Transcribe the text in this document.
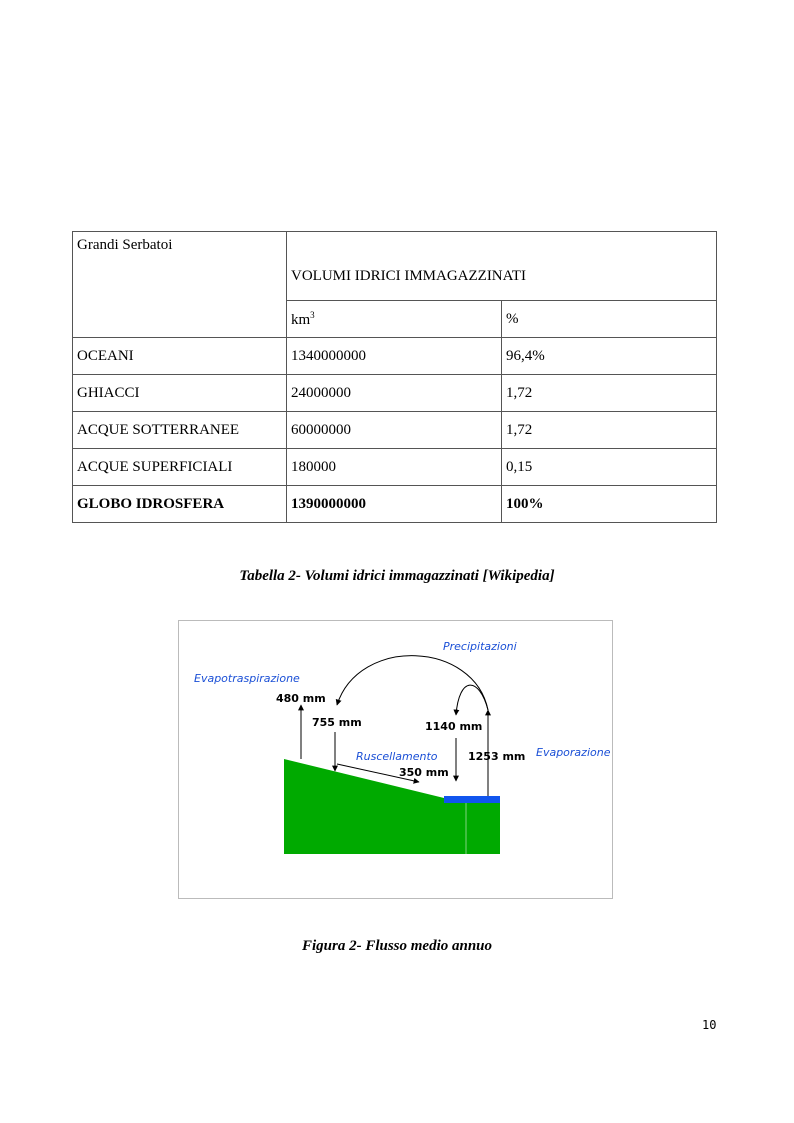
Grandi Serbatoi	VOLUMI IDRICI IMMAGAZZINATI	
	$km^3$	%
OCEANI	1340000000	96,4%
GHIACCI	24000000	1,72
ACQUE SOTTERRANEE	60000000	1,72
ACQUE SUPERFICIALI	180000	0,15
GLOBO IDROSFERA	1390000000	100%
Tabella 2- Volumi idrici immagazzinati [Wikipedia]
Precipitazioni
Evapotraspirazione
Ruscellamento	Evaporazione
480 mm
755 mm	1140 mm
350 mm
1253 mm
Figura 2- Flusso medio annuo
10
